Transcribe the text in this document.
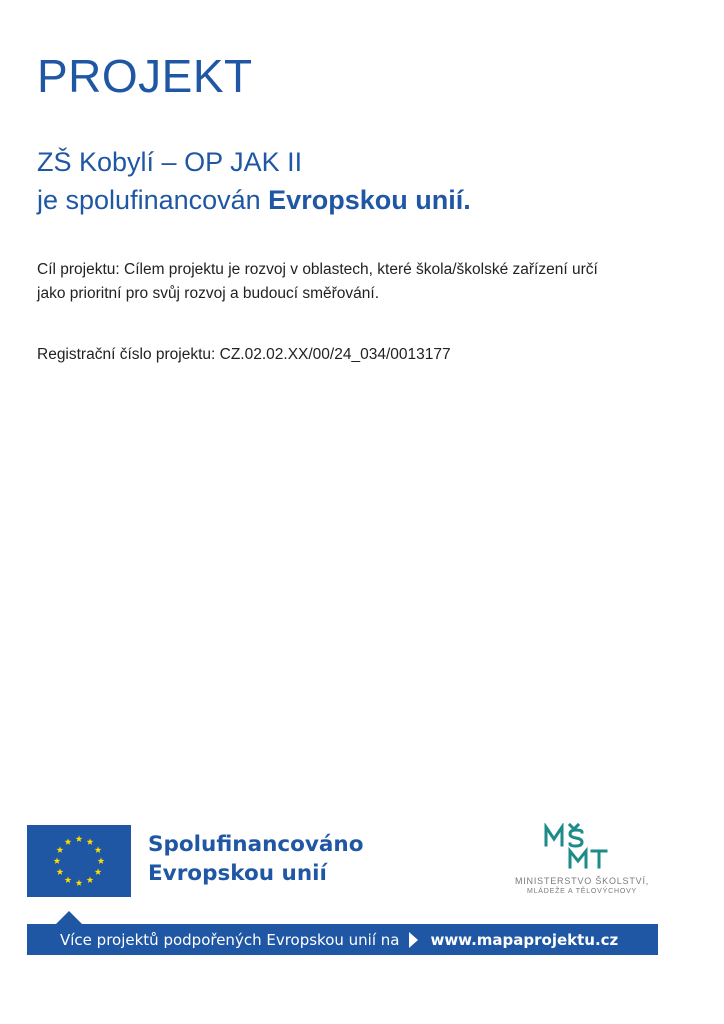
PROJEKT
ZŠ Kobylí – OP JAK II
je spolufinancován Evropskou unií.
Cíl projektu: Cílem projektu je rozvoj v oblastech, které škola/školské zařízení určí
jako prioritní pro svůj rozvoj a budoucí směřování.
Registrační číslo projektu: CZ.02.02.XX/00/24_034/0013177
Spolufinancováno
Evropskou unií	MINISTERSTVO ŠKOLSTVÍ,
MLÁDEŽE A TĚLOVÝCHOVY
Více projektů podpořených Evropskou unií na www.mapaprojektu.cz
